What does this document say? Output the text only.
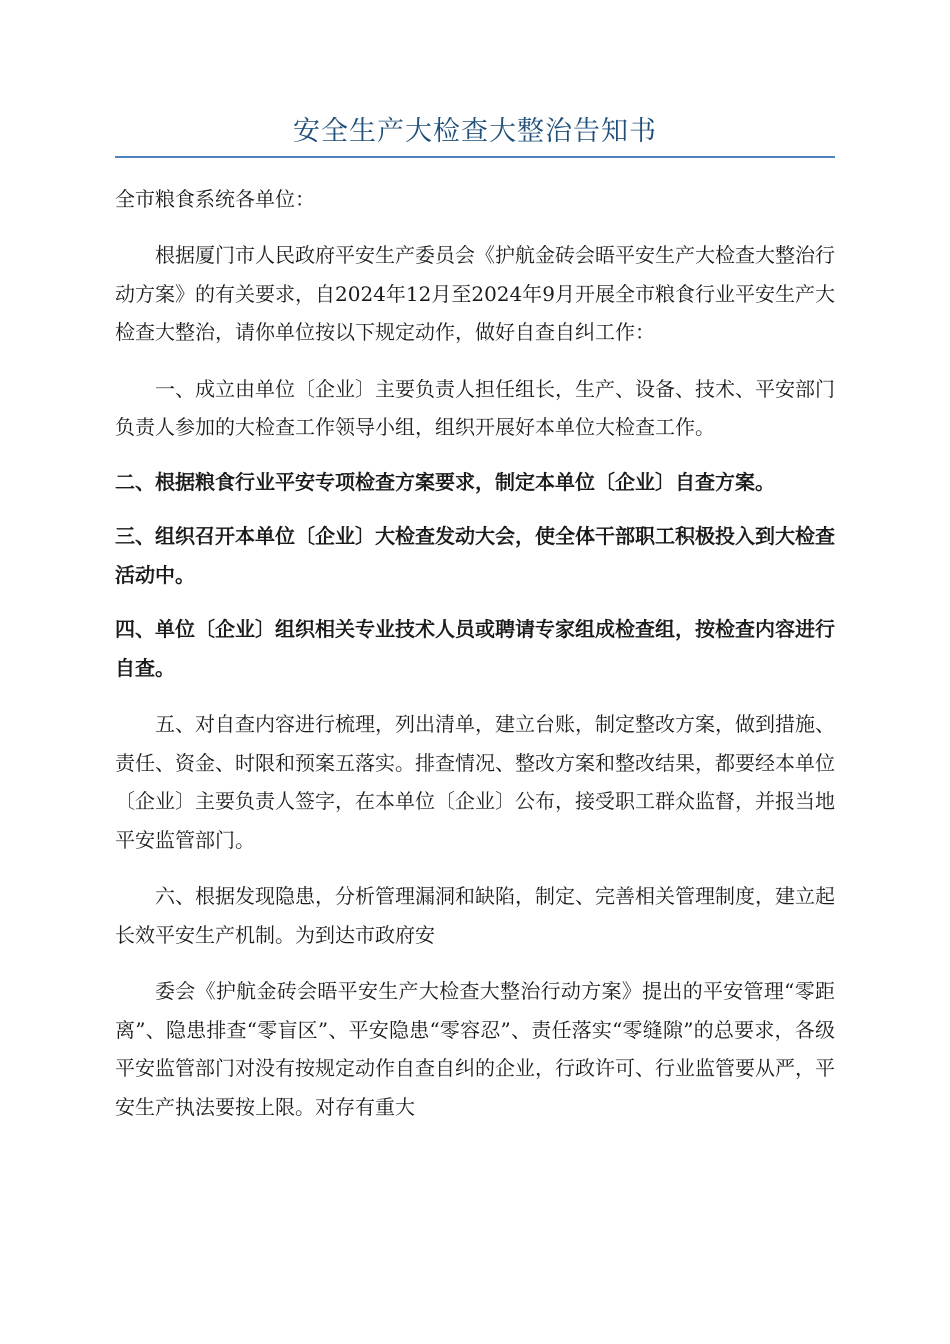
安全生产大检查大整治告知书

全市粮食系统各单位：

根据厦门市人民政府平安生产委员会《护航金砖会晤平安生产大检查大整治行动方案》的有关要求，自2024年12月至2024年9月开展全市粮食行业平安生产大检查大整治，请你单位按以下规定动作，做好自查自纠工作：

一、成立由单位〔企业〕主要负责人担任组长，生产、设备、技术、平安部门负责人参加的大检查工作领导小组，组织开展好本单位大检查工作。

二、根据粮食行业平安专项检查方案要求，制定本单位〔企业〕自查方案。

三、组织召开本单位〔企业〕大检查发动大会，使全体干部职工积极投入到大检查活动中。

四、单位〔企业〕组织相关专业技术人员或聘请专家组成检查组，按检查内容进行自查。

五、对自查内容进行梳理，列出清单，建立台账，制定整改方案，做到措施、责任、资金、时限和预案五落实。排查情况、整改方案和整改结果，都要经本单位〔企业〕主要负责人签字，在本单位〔企业〕公布，接受职工群众监督，并报当地平安监管部门。

六、根据发现隐患，分析管理漏洞和缺陷，制定、完善相关管理制度，建立起长效平安生产机制。为到达市政府安

委会《护航金砖会晤平安生产大检查大整治行动方案》提出的平安管理“零距离”、隐患排查“零盲区”、平安隐患“零容忍”、责任落实“零缝隙”的总要求，各级平安监管部门对没有按规定动作自查自纠的企业，行政许可、行业监管要从严，平安生产执法要按上限。对存有重大
